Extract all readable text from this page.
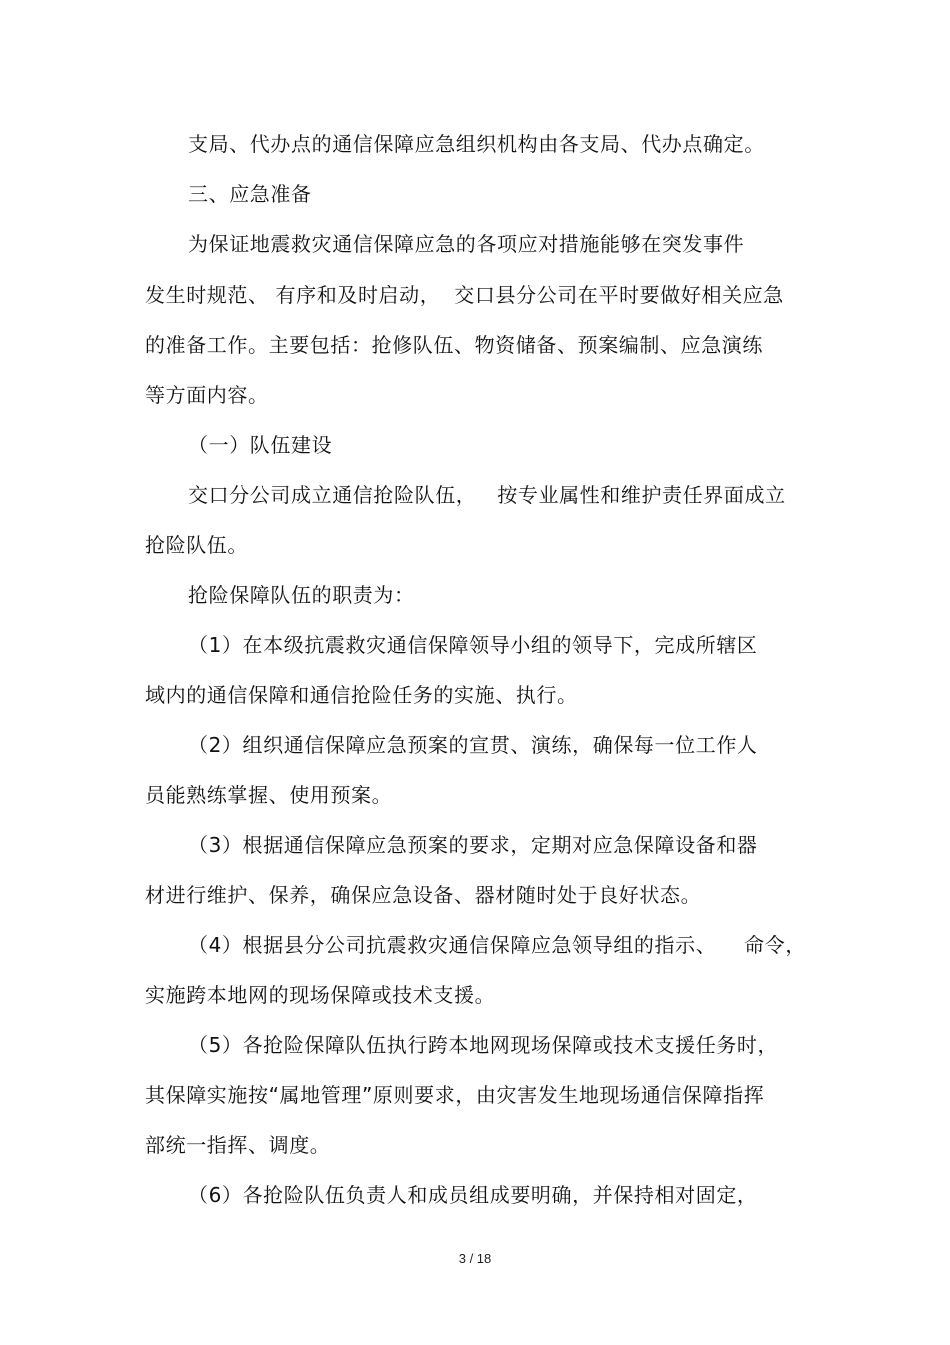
支局、代办点的通信保障应急组织机构由各支局、代办点确定。
三、应急准备
为保证地震救灾通信保障应急的各项应对措施能够在突发事件
发生时规范、 有序和及时启动，  交口县分公司在平时要做好相关应急
的准备工作。主要包括：抢修队伍、物资储备、预案编制、应急演练
等方面内容。
（一）队伍建设
交口分公司成立通信抢险队伍，   按专业属性和维护责任界面成立
抢险队伍。
抢险保障队伍的职责为：
（1）在本级抗震救灾通信保障领导小组的领导下，完成所辖区
域内的通信保障和通信抢险任务的实施、执行。
（2）组织通信保障应急预案的宣贯、演练，确保每一位工作人
员能熟练掌握、使用预案。
（3）根据通信保障应急预案的要求，定期对应急保障设备和器
材进行维护、保养，确保应急设备、器材随时处于良好状态。
（4）根据县分公司抗震救灾通信保障应急领导组的指示、    命令，
实施跨本地网的现场保障或技术支援。
（5）各抢险保障队伍执行跨本地网现场保障或技术支援任务时，
其保障实施按“属地管理”原则要求，由灾害发生地现场通信保障指挥
部统一指挥、调度。
（6）各抢险队伍负责人和成员组成要明确，并保持相对固定，
3 / 18
